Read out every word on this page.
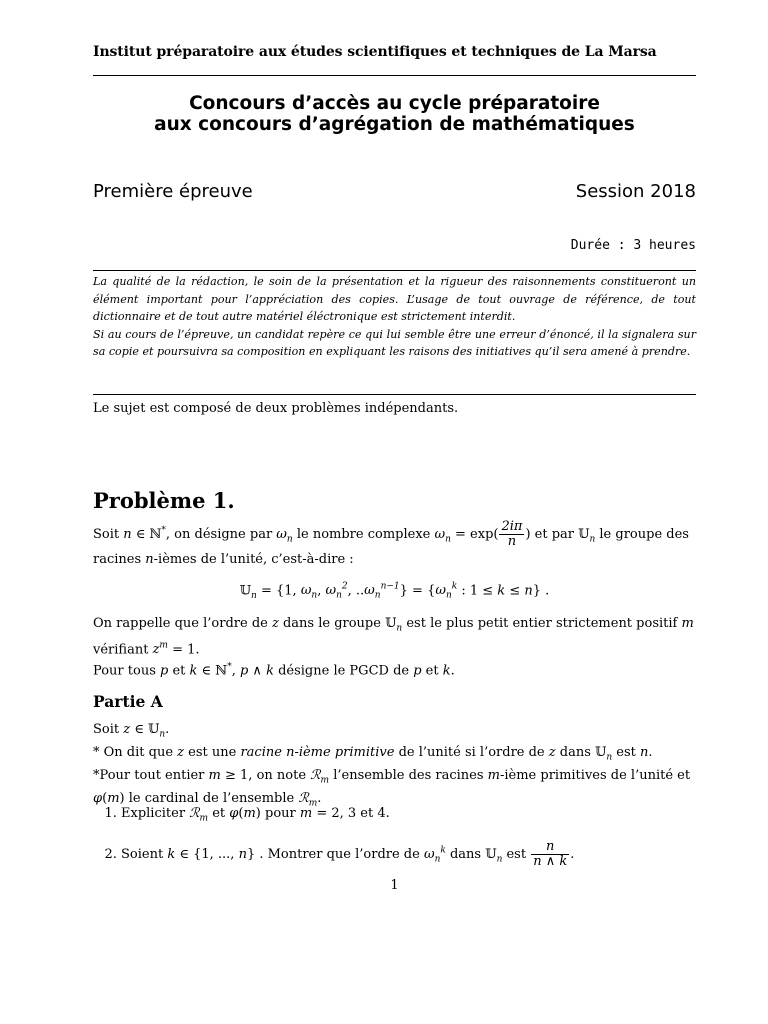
Institut préparatoire aux études scientifiques et techniques de La Marsa
Concours d’accès au cycle préparatoire
aux concours d’agrégation de mathématiques
Première épreuve	Session 2018
Durée : 3 heures

La qualité de la rédaction, le soin de la présentation et la rigueur des raisonnements constitueront un élément important pour l’appréciation des copies. L’usage de tout ouvrage de référence, de tout dictionnaire et de tout autre matériel éléctronique est strictement interdit.

Si au cours de l’épreuve, un candidat repère ce qui lui semble être une erreur d’énoncé, il la signalera sur sa copie et poursuivra sa composition en expliquant les raisons des initiatives qu’il sera amené à prendre.

Le sujet est composé de deux problèmes indépendants.
Problème 1.
Soit n ∈ ℕ*, on désigne par $\omega_n$ le nombre complexe $\omega_n = \exp( \frac{2i\pi}{n}$ ) et par 𝕌$_n$ le groupe des
racines n-ièmes de l’unité, c’est-à-dire :
𝕌$_n$ = {1, $\omega_n$, $\omega_n^2$, $..\omega_n^{n-1}\} = \{\omega_n^k$ : 1 ≤ k ≤ n} .
On rappelle que l’ordre de z dans le groupe 𝕌$_n$ est le plus petit entier strictement positif m
vérifiant $z^m = 1$.
Pour tous p et k ∈ ℕ*, p ∧ k désigne le PGCD de p et k.
Partie A
Soit z ∈ 𝕌$_n$.
* On dit que z est une racine n-ième primitive de l’unité si l’ordre de z dans 𝕌$_n$ est n.
*Pour tout entier m ≥ 1, on note ℛ$_m$ l’ensemble des racines m-ième primitives de l’unité et
φ(m) le cardinal de l’ensemble ℛ$_m$.
1. Expliciter ℛ$_m$ et φ(m) pour m = 2, 3 et 4.
2. Soient k ∈ {1, ..., n} . Montrer que l’ordre de $\omega_n^k$ dans 𝕌$_n$ est $\frac{n}{n \wedge k}$ .
1
